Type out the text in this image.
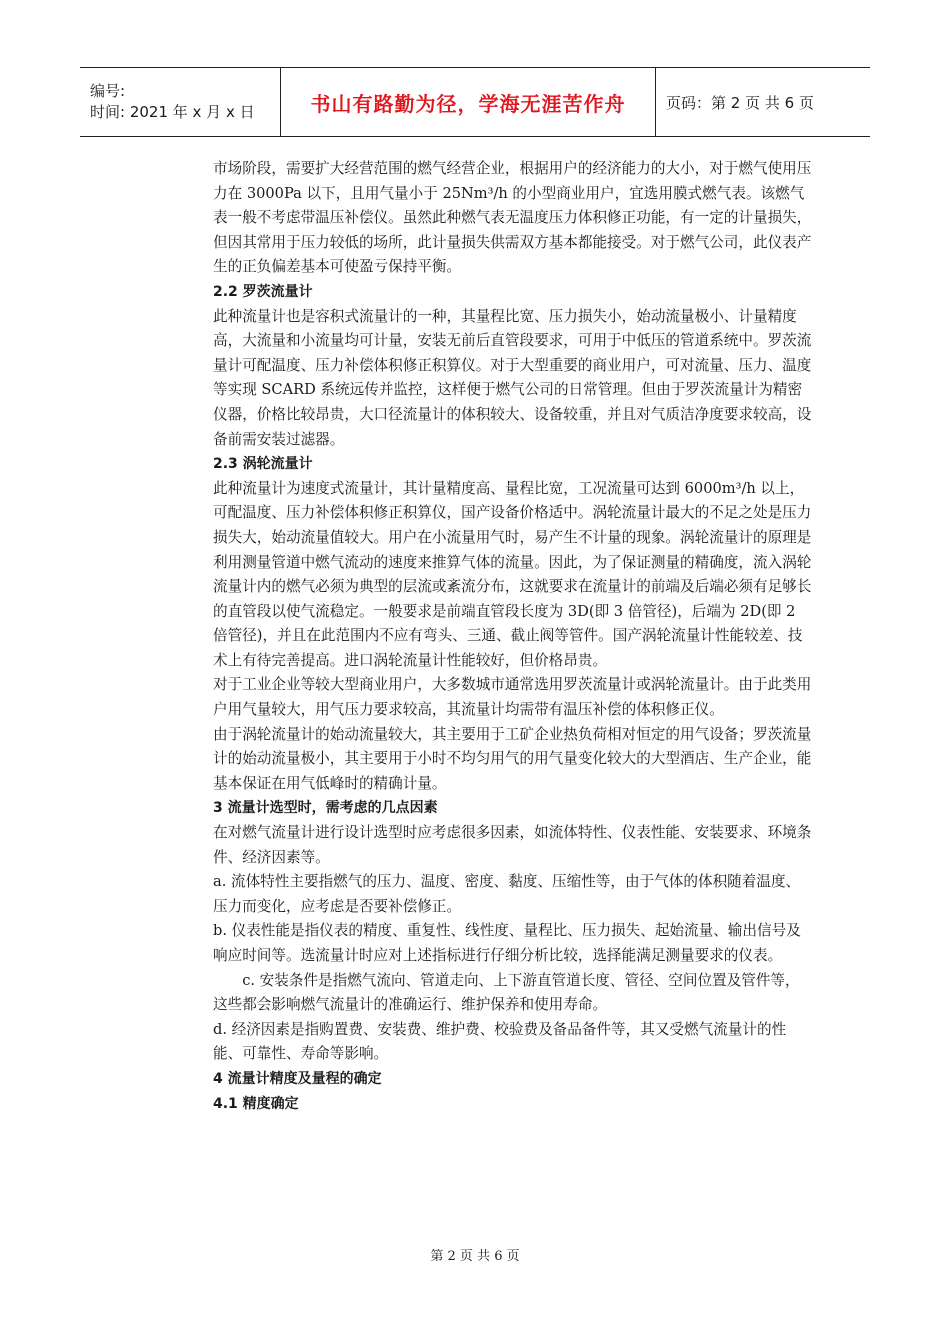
编号:
时间: 2021 年 x 月 x 日	书山有路勤为径，学海无涯苦作舟	页码：第 2 页 共 6 页

市场阶段，需要扩大经营范围的燃气经营企业，根据用户的经济能力的大小，对于燃气使用压力在 3000Pa 以下，且用气量小于 25Nm³/h 的小型商业用户，宜选用膜式燃气表。该燃气表一般不考虑带温压补偿仪。虽然此种燃气表无温度压力体积修正功能，有一定的计量损失，但因其常用于压力较低的场所，此计量损失供需双方基本都能接受。对于燃气公司，此仪表产生的正负偏差基本可使盈亏保持平衡。

2.2 罗茨流量计

此种流量计也是容积式流量计的一种，其量程比宽、压力损失小，始动流量极小、计量精度高，大流量和小流量均可计量，安装无前后直管段要求，可用于中低压的管道系统中。罗茨流量计可配温度、压力补偿体积修正积算仪。对于大型重要的商业用户，可对流量、压力、温度等实现 SCARD 系统远传并监控，这样便于燃气公司的日常管理。但由于罗茨流量计为精密仪器，价格比较昂贵，大口径流量计的体积较大、设备较重，并且对气质洁净度要求较高，设备前需安装过滤器。

2.3 涡轮流量计

此种流量计为速度式流量计，其计量精度高、量程比宽，工况流量可达到 6000m³/h 以上，可配温度、压力补偿体积修正积算仪，国产设备价格适中。涡轮流量计最大的不足之处是压力损失大，始动流量值较大。用户在小流量用气时，易产生不计量的现象。涡轮流量计的原理是利用测量管道中燃气流动的速度来推算气体的流量。因此，为了保证测量的精确度，流入涡轮流量计内的燃气必须为典型的层流或紊流分布，这就要求在流量计的前端及后端必须有足够长的直管段以使气流稳定。一般要求是前端直管段长度为 3D(即 3 倍管径)，后端为 2D(即 2 倍管径)，并且在此范围内不应有弯头、三通、截止阀等管件。国产涡轮流量计性能较差、技术上有待完善提高。进口涡轮流量计性能较好，但价格昂贵。

对于工业企业等较大型商业用户，大多数城市通常选用罗茨流量计或涡轮流量计。由于此类用户用气量较大，用气压力要求较高，其流量计均需带有温压补偿的体积修正仪。

由于涡轮流量计的始动流量较大，其主要用于工矿企业热负荷相对恒定的用气设备；罗茨流量计的始动流量极小，其主要用于小时不均匀用气的用气量变化较大的大型酒店、生产企业，能基本保证在用气低峰时的精确计量。

3 流量计选型时，需考虑的几点因素

在对燃气流量计进行设计选型时应考虑很多因素，如流体特性、仪表性能、安装要求、环境条件、经济因素等。

a. 流体特性主要指燃气的压力、温度、密度、黏度、压缩性等，由于气体的体积随着温度、压力而变化，应考虑是否要补偿修正。

b. 仪表性能是指仪表的精度、重复性、线性度、量程比、压力损失、起始流量、输出信号及响应时间等。选流量计时应对上述指标进行仔细分析比较，选择能满足测量要求的仪表。

c. 安装条件是指燃气流向、管道走向、上下游直管道长度、管径、空间位置及管件等，这些都会影响燃气流量计的准确运行、维护保养和使用寿命。

d. 经济因素是指购置费、安装费、维护费、校验费及备品备件等，其又受燃气流量计的性能、可靠性、寿命等影响。

4 流量计精度及量程的确定

4.1 精度确定

第 2 页 共 6 页
